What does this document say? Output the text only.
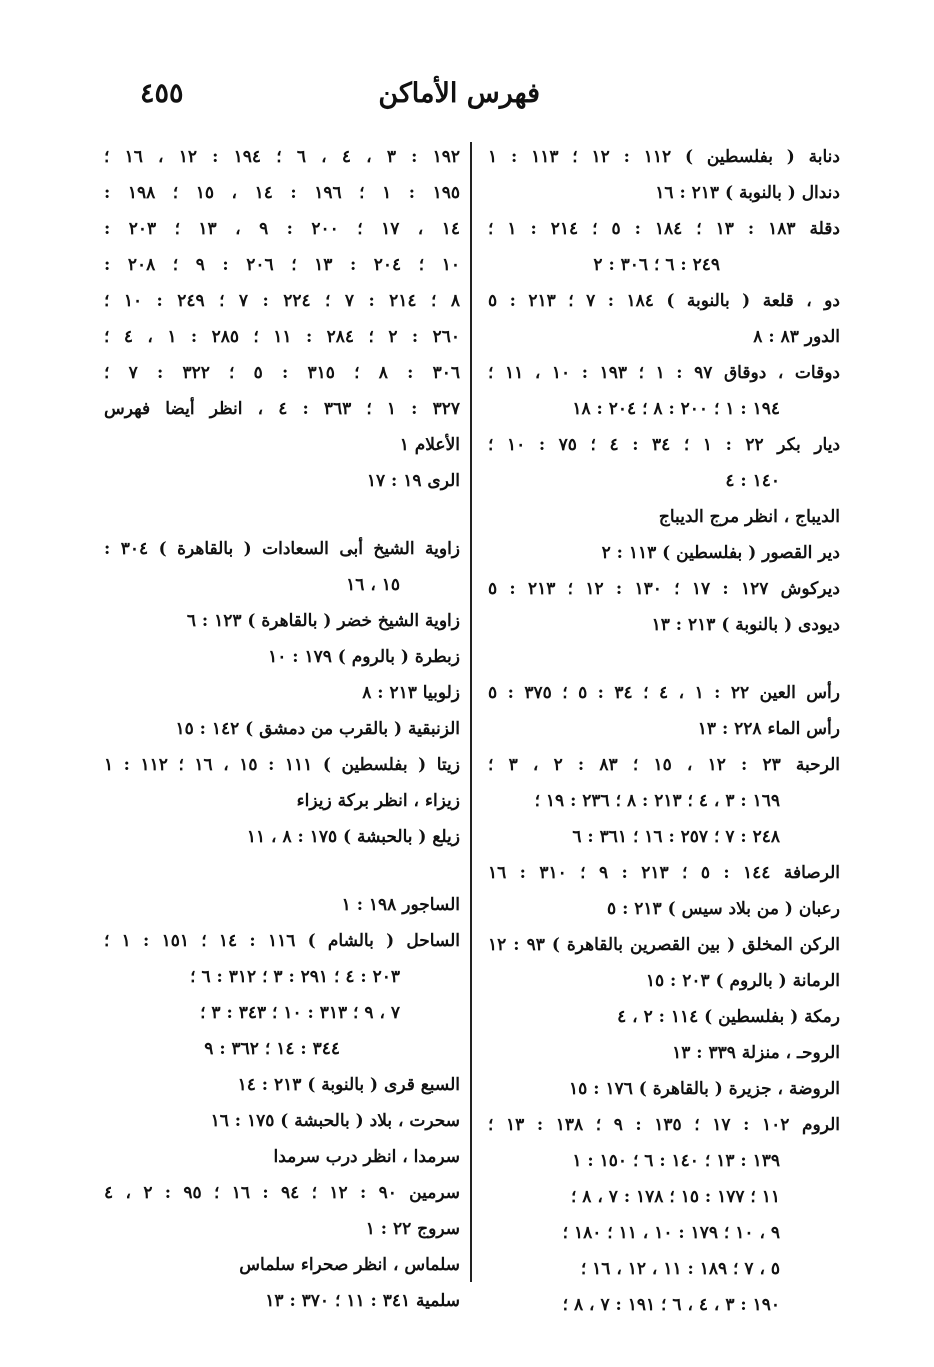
فهرس الأماكن
٤٥٥
دنابة ( بفلسطين ) ١١٢ : ١٢ ؛ ١١٣ : ١
دندال ( بالنوبة ) ٢١٣ : ١٦
دقلة ١٨٣ : ١٣ ؛ ١٨٤ : ٥ ؛ ٢١٤ : ١ ؛
٢٤٩ : ٦ ؛ ٣٠٦ : ٢
دو ، قلعة ( بالنوبة ) ١٨٤ : ٧ ؛ ٢١٣ : ٥
الدور ٨٣ : ٨
دوقات ، دوقاق ٩٧ : ١ ؛ ١٩٣ : ١٠ ، ١١ ؛
١٩٤ : ١ ؛ ٢٠٠ : ٨ ؛ ٢٠٤ : ١٨
ديار بكر ٢٢ : ١ ؛ ٣٤ : ٤ ؛ ٧٥ : ١٠ ؛
١٤٠ : ٤
الديباج ، انظر مرج الديباج
دير القصور ( بفلسطين ) ١١٣ : ٢
ديركوش ١٢٧ : ١٧ ؛ ١٣٠ : ١٢ ؛ ٢١٣ : ٥
ديودى ( بالنوبة ) ٢١٣ : ١٣
رأس العين ٢٢ : ١ ، ٤ ؛ ٣٤ : ٥ ؛ ٣٧٥ : ٥
رأس الماء ٢٢٨ : ١٣
الرحبة ٢٣ : ١٢ ، ١٥ ؛ ٨٣ : ٢ ، ٣ ؛
١٦٩ : ٣ ، ٤ ؛ ٢١٣ : ٨ ؛ ٢٣٦ : ١٩ ؛
٢٤٨ : ٧ ؛ ٢٥٧ : ١٦ ؛ ٣٦١ : ٦
الرصافة ١٤٤ : ٥ ؛ ٢١٣ : ٩ ؛ ٣١٠ : ١٦
رعبان ( من بلاد سيس ) ٢١٣ : ٥
الركن المخلق ( بين القصرين بالقاهرة ) ٩٣ : ١٢
الرمانة ( بالروم ) ٢٠٣ : ١٥
رمكة ( بفلسطين ) ١١٤ : ٢ ، ٤
الروحـ ، منزلة ٣٣٩ : ١٣
الروضة ، جزيرة ( بالقاهرة ) ١٧٦ : ١٥
الروم ١٠٢ : ١٧ ؛ ١٣٥ : ٩ ؛ ١٣٨ : ١٣ ؛
١٣٩ : ١٣ ؛ ١٤٠ : ٦ ؛ ١٥٠ : ١
١١ ؛ ١٧٧ : ١٥ ؛ ١٧٨ : ٧ ، ٨ ؛
٩ ، ١٠ ؛ ١٧٩ : ١٠ ، ١١ ؛ ١٨٠ ؛
٥ ، ٧ ؛ ١٨٩ : ١١ ، ١٢ ، ١٦ ؛
١٩٠ : ٣ ، ٤ ، ٦ ؛ ١٩١ : ٧ ، ٨ ؛
١٩٢ : ٣ ، ٤ ، ٦ ؛ ١٩٤ : ١٢ ، ١٦ ؛
١٩٥ : ١ ؛ ١٩٦ : ١٤ ، ١٥ ؛ ١٩٨ :
١٤ ، ١٧ ؛ ٢٠٠ : ٩ ، ١٣ ؛ ٢٠٣ :
١٠ ؛ ٢٠٤ : ١٣ ؛ ٢٠٦ : ٩ ؛ ٢٠٨ :
٨ ؛ ٢١٤ : ٧ ؛ ٢٢٤ : ٧ ؛ ٢٤٩ : ١٠ ؛
٢٦٠ : ٢ ؛ ٢٨٤ : ١١ ؛ ٢٨٥ : ١ ، ٤ ؛
٣٠٦ : ٨ ؛ ٣١٥ : ٥ ؛ ٣٢٢ : ٧ ؛
٣٢٧ : ١ ؛ ٣٦٣ : ٤ ، انظر أيضا فهرس
الأعلام ١
الرى ١٩ : ١٧
زاوية الشيخ أبى السعادات ( بالقاهرة ) ٣٠٤ :
١٥ ، ١٦
زاوية الشيخ خضر ( بالقاهرة ) ١٢٣ : ٦
زبطرة ( بالروم ) ١٧٩ : ١٠
زلوبيا ٢١٣ : ٨
الزنبقية ( بالقرب من دمشق ) ١٤٢ : ١٥
زيتا ( بفلسطين ) ١١١ : ١٥ ، ١٦ ؛ ١١٢ : ١
زيزاء ، انظر بركة زيزاء
زيلع ( بالحبشة ) ١٧٥ : ٨ ، ١١
الساجور ١٩٨ : ١
الساحل ( بالشام ) ١١٦ : ١٤ ؛ ١٥١ : ١ ؛
٢٠٣ : ٤ ؛ ٢٩١ : ٣ ؛ ٣١٢ : ٦ ؛
٧ ، ٩ ؛ ٣١٣ : ١٠ ؛ ٣٤٣ : ٣ ؛
٣٤٤ : ١٤ ؛ ٣٦٢ : ٩
السبع قرى ( بالنوبة ) ٢١٣ : ١٤
سحرت ، بلاد ( بالحبشة ) ١٧٥ : ١٦
سرمدا ، انظر درب سرمدا
سرمين ٩٠ : ١٢ ؛ ٩٤ : ١٦ ؛ ٩٥ : ٢ ، ٤
سروج ٢٢ : ١
سلماس ، انظر صحراء سلماس
سلمية ٣٤١ : ١١ ؛ ٣٧٠ : ١٣
